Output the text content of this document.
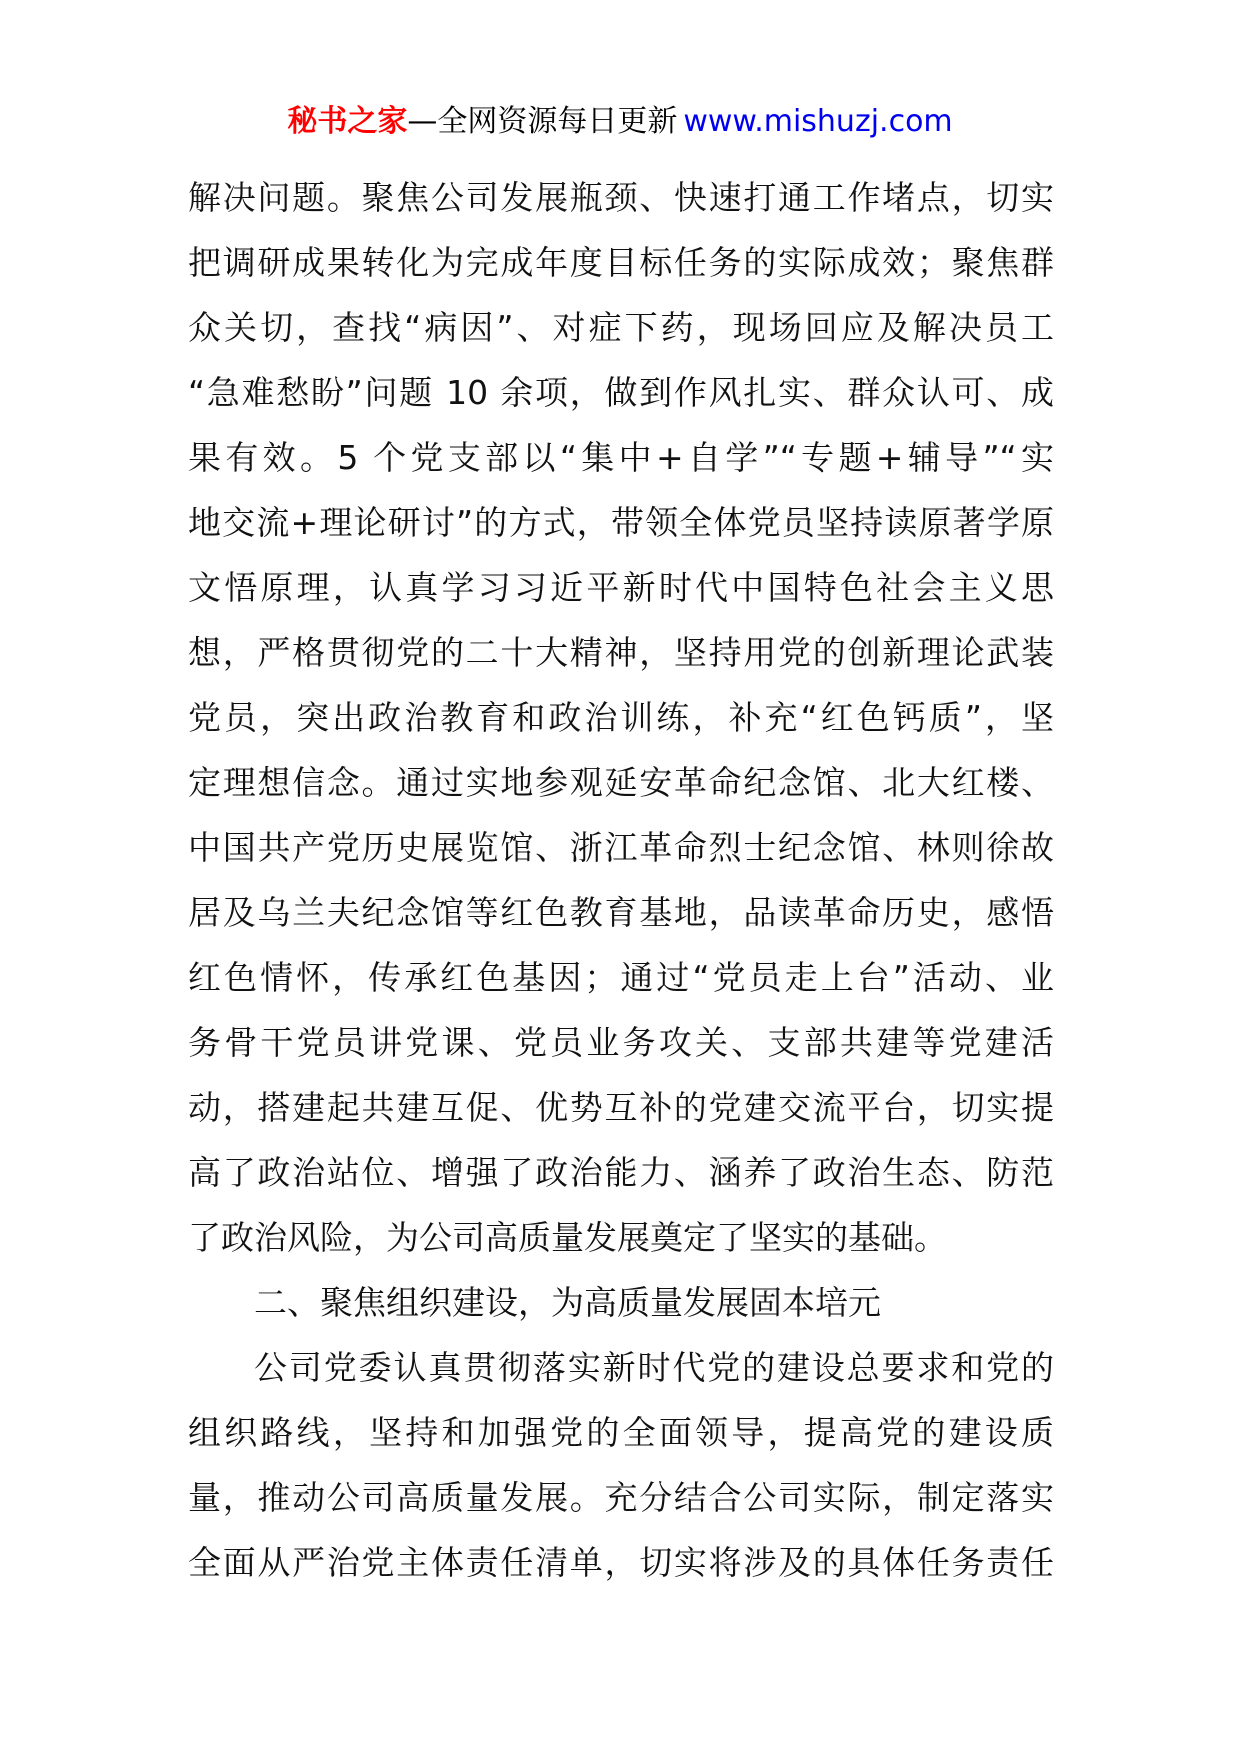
秘书之家—全网资源每日更新 www.mishuzj.com
解决问题。聚焦公司发展瓶颈、快速打通工作堵点，切实
把调研成果转化为完成年度目标任务的实际成效；聚焦群
众关切，查找“病因”、对症下药，现场回应及解决员工
“急难愁盼”问题 10 余项，做到作风扎实、群众认可、成
果有效。5 个党支部以“集中+自学”“专题+辅导”“实
地交流+理论研讨”的方式，带领全体党员坚持读原著学原
文悟原理，认真学习习近平新时代中国特色社会主义思
想，严格贯彻党的二十大精神，坚持用党的创新理论武装
党员，突出政治教育和政治训练，补充“红色钙质”，坚
定理想信念。通过实地参观延安革命纪念馆、北大红楼、
中国共产党历史展览馆、浙江革命烈士纪念馆、林则徐故
居及乌兰夫纪念馆等红色教育基地，品读革命历史，感悟
红色情怀，传承红色基因；通过“党员走上台”活动、业
务骨干党员讲党课、党员业务攻关、支部共建等党建活
动，搭建起共建互促、优势互补的党建交流平台，切实提
高了政治站位、增强了政治能力、涵养了政治生态、防范
了政治风险，为公司高质量发展奠定了坚实的基础。
二、聚焦组织建设，为高质量发展固本培元
公司党委认真贯彻落实新时代党的建设总要求和党的
组织路线，坚持和加强党的全面领导，提高党的建设质
量，推动公司高质量发展。充分结合公司实际，制定落实
全面从严治党主体责任清单，切实将涉及的具体任务责任
